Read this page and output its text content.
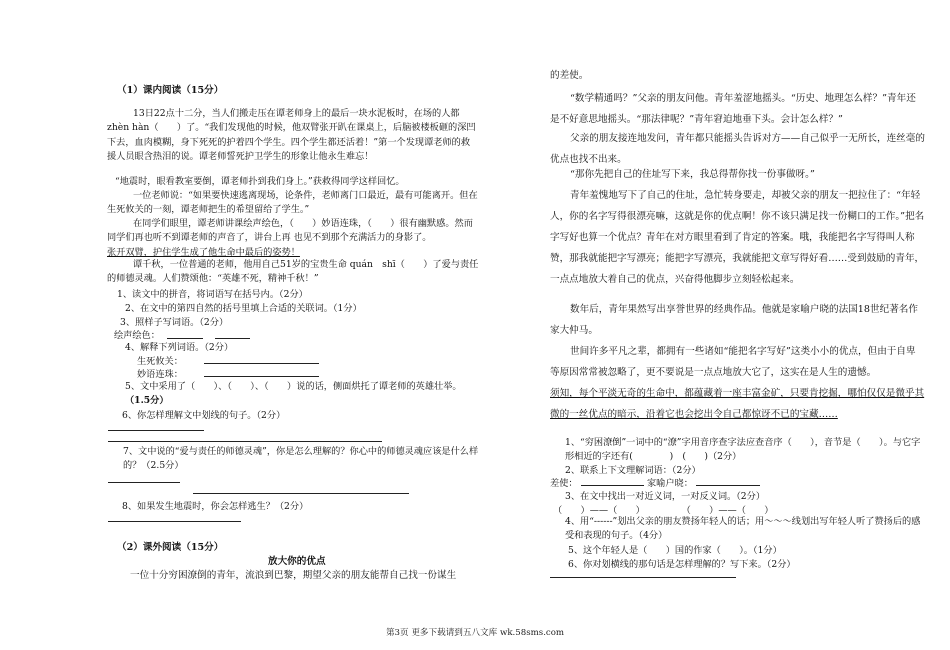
（1）课内阅读（15分）
13日22点十二分，当人们搬走压在谭老师身上的最后一块水泥板时，在场的人都zhèn hàn（　　）了。“我们发现他的时候，他双臂张开趴在课桌上，后脑被楼板砸的深凹下去，血肉模糊，身下死死的护着四个学生。四个学生都还活着！”第一个发现谭老师的救援人员眼含热泪的说。谭老师誓死护卫学生的形象让他永生难忘！
“地震时，眼看教室要倒，谭老师扑到我们身上。”获救得同学这样回忆。
一位老师说：“如果要快速逃离现场，论条件，老师离门口最近，最有可能离开。但在生死攸关的一刻，谭老师把生的希望留给了学生。”
在同学们眼里，谭老师讲课绘声绘色，（　　）妙语连珠，（　　）很有幽默感。然而同学们再也听不到谭老师的声音了，讲台上再 也见不到那个充满活力的身影了。
张开双臂，护住学生成了他生命中最后的姿势！
谭千秋，一位普通的老师，他用自己51岁的宝贵生命 quán　shī（　　）了爱与责任的师德灵魂。人们赞颂他：“英雄不死，精神千秋！”
1、读文中的拼音，将词语写在括号内。（2分）
2、在文中的第四自然的括号里填上合适的关联词。（1分）
3、照样子写词语。（2分）
绘声绘色：
4、解释下列词语。（2分）
生死攸关：
妙语连珠：
5、文中采用了（　　）、（　　）、（　　）说的话，侧面烘托了谭老师的英雄壮举。（1.5分）
6、你怎样理解文中划线的句子。（2分）
7、文中说的“爱与责任的师德灵魂”，你是怎么理解的？你心中的师德灵魂应该是什么样的？（2.5分）
8、如果发生地震时，你会怎样逃生？（2分）
（2）课外阅读（15分）
放大你的优点
一位十分穷困潦倒的青年，流浪到巴黎，期望父亲的朋友能帮自己找一份谋生
的差使。
“数学精通吗？”父亲的朋友问他。青年羞涩地摇头。“历史、地理怎么样？”青年还是不好意思地摇头。“那法律呢？”青年窘迫地垂下头。会计怎么样？”
父亲的朋友接连地发问，青年都只能摇头告诉对方——自己似乎一无所长，连丝毫的优点也找不出来。
“那你先把自己的住址写下来，我总得帮你找一份事做呀。”
青年羞愧地写下了自己的住址，急忙转身要走，却被父亲的朋友一把拉住了：“年轻人，你的名字写得很漂亮嘛，这就是你的优点啊！你不该只满足找一份糊口的工作。”把名字写好也算一个优点？青年在对方眼里看到了肯定的答案。哦，我能把名字写得叫人称赞，那我就能把字写漂亮；能把字写漂亮，我就能把文章写得好看……受到鼓励的青年，一点点地放大着自己的优点，兴奋得他脚步立刻轻松起来。
数年后，青年果然写出享誉世界的经典作品。他就是家喻户晓的法国18世纪著名作家大仲马。
世间许多平凡之辈，都拥有一些诸如“能把名字写好”这类小小的优点，但由于自卑等原因常常被忽略了，更不要说是一点点地放大它了，这实在是人生的遗憾。
须知，每个平淡无奇的生命中，都蕴藏着一座丰富金矿，只要肯挖掘，哪怕仅仅是微乎其微的一丝优点的暗示，沿着它也会挖出令自己都惊讶不已的宝藏……
1、“穷困潦倒”一词中的“潦”字用音序查字法应查音序（　　），音节是（　　）。与它字形相近的字还有(　　　　)　(　　)（2分）
2、联系上下文理解词语：（2分）
差使：	家喻户晓：
3、在文中找出一对近义词，一对反义词。（2分）
（　　）——（　　）　　　　　（　　）——（　　）
4、用“------”划出父亲的朋友赞扬年轻人的话；用～～～线划出写年轻人听了赞扬后的感受和表现的句子。（4分）
5、这个年轻人是（　　）国的作家（　　）。（1分）
6、你对划横线的那句话是怎样理解的？写下来。（2分）
第3页 更多下载请到五八文库 wk.58sms.com
